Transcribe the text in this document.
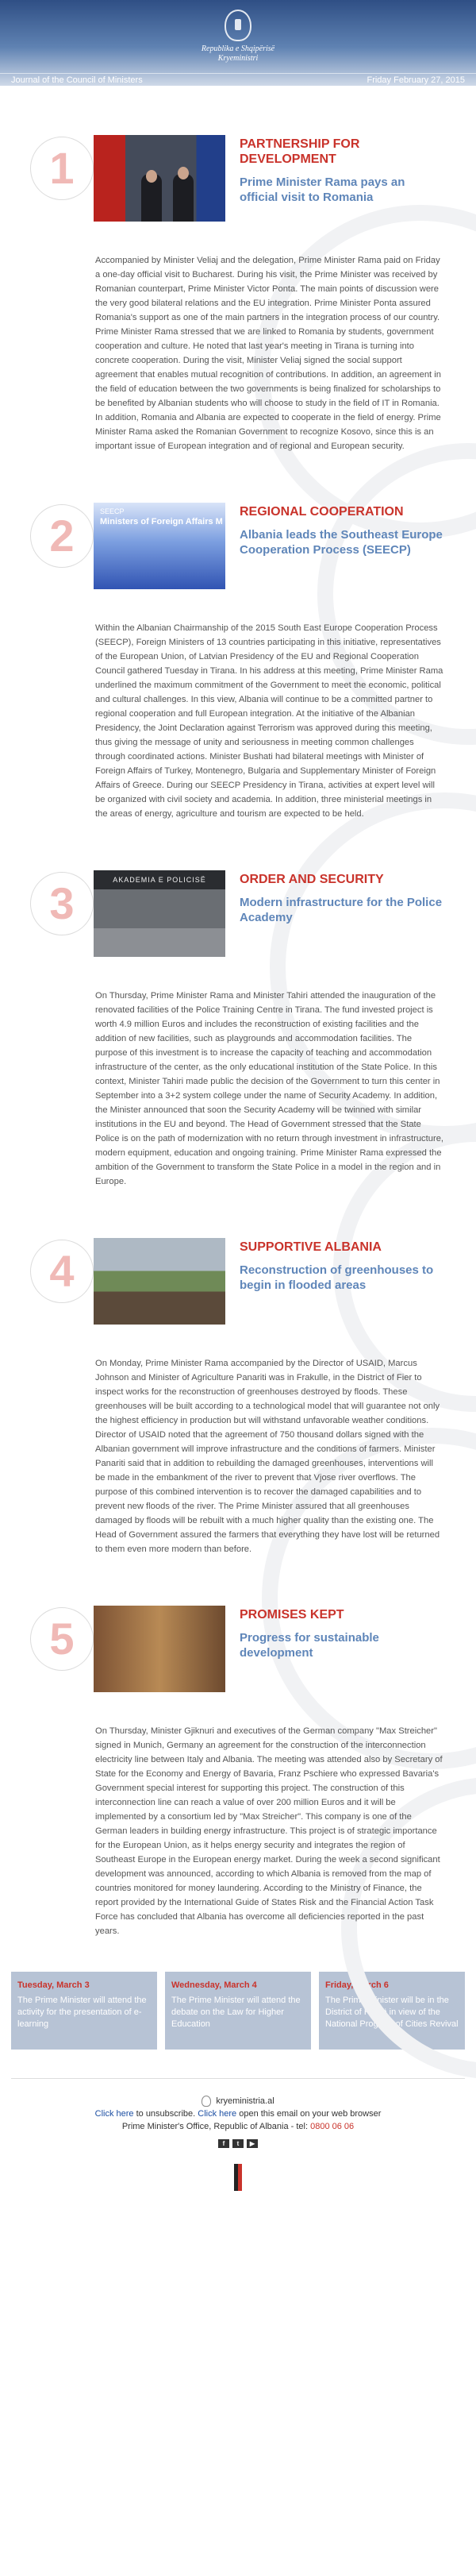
Republika e Shqipërisë
Kryeministri
Journal of the Council of Ministers	Friday February 27, 2015
1	PARTNERSHIP FOR DEVELOPMENT
Prime Minister Rama pays an official visit to Romania
Accompanied by Minister Veliaj and the delegation, Prime Minister Rama paid on Friday a one-day official visit to Bucharest. During his visit, the Prime Minister was received by Romanian counterpart, Prime Minister Victor Ponta. The main points of discussion were the very good bilateral relations and the EU integration. Prime Minister Ponta assured Romania's support as one of the main partners in the integration process of our country. Prime Minister Rama stressed that we are linked to Romania by students, government cooperation and culture. He noted that last year's meeting in Tirana is turning into concrete cooperation. During the visit, Minister Veliaj signed the social support agreement that enables mutual recognition of contributions. In addition, an agreement in the field of education between the two governments is being finalized for scholarships to be benefited by Albanian students who will choose to study in the field of IT in Romania. In addition, Romania and Albania are expected to cooperate in the field of energy. Prime Minister Rama asked the Romanian Government to recognize Kosovo, since this is an important issue of European integration and of regional and European security.
2	SEECP
Ministers of Foreign Affairs M
REGIONAL COOPERATION
Albania leads the Southeast Europe Cooperation Process (SEECP)
Within the Albanian Chairmanship of the 2015 South East Europe Cooperation Process (SEECP), Foreign Ministers of 13 countries participating in this initiative, representatives of the European Union, of Latvian Presidency of the EU and Regional Cooperation Council gathered Tuesday in Tirana. In his address at this meeting, Prime Minister Rama underlined the maximum commitment of the Government to meet the economic, political and cultural challenges. In this view, Albania will continue to be a committed partner to regional cooperation and full European integration. At the initiative of the Albanian Presidency, the Joint Declaration against Terrorism was approved during this meeting, thus giving the message of unity and seriousness in meeting common challenges through coordinated actions. Minister Bushati had bilateral meetings with Minister of Foreign Affairs of Turkey, Montenegro, Bulgaria and Supplementary Minister of Foreign Affairs of Greece. During our SEECP Presidency in Tirana, activities at expert level will be organized with civil society and academia. In addition, three ministerial meetings in the areas of energy, agriculture and tourism are expected to be held.
3	AKADEMIA E POLICISË	ORDER AND SECURITY
Modern infrastructure for the Police Academy
On Thursday, Prime Minister Rama and Minister Tahiri attended the inauguration of the renovated facilities of the Police Training Centre in Tirana. The fund invested project is worth 4.9 million Euros and includes the reconstruction of existing facilities and the addition of new facilities, such as playgrounds and accommodation facilities. The purpose of this investment is to increase the capacity of teaching and accommodation infrastructure of the center, as the only educational institution of the State Police. In this context, Minister Tahiri made public the decision of the Government to turn this center in September into a 3+2 system college under the name of Security Academy. In addition, the Minister announced that soon the Security Academy will be twinned with similar institutions in the EU and beyond. The Head of Government stressed that the State Police is on the path of modernization with no return through investment in infrastructure, modern equipment, education and ongoing training. Prime Minister Rama expressed the ambition of the Government to transform the State Police in a model in the region and in Europe.
4	SUPPORTIVE ALBANIA
Reconstruction of greenhouses to begin in flooded areas
On Monday, Prime Minister Rama accompanied by the Director of USAID, Marcus Johnson and Minister of Agriculture Panariti was in Frakulle, in the District of Fier to inspect works for the reconstruction of greenhouses destroyed by floods. These greenhouses will be built according to a technological model that will guarantee not only the highest efficiency in production but will withstand unfavorable weather conditions. Director of USAID noted that the agreement of 750 thousand dollars signed with the Albanian government will improve infrastructure and the conditions of farmers. Minister Panariti said that in addition to rebuilding the damaged greenhouses, interventions will be made in the embankment of the river to prevent that Vjose river overflows. The purpose of this combined intervention is to recover the damaged capabilities and to prevent new floods of the river. The Prime Minister assured that all greenhouses damaged by floods will be rebuilt with a much higher quality than the existing one. The Head of Government assured the farmers that everything they have lost will be returned to them even more modern than before.
5	PROMISES KEPT
Progress for sustainable development
On Thursday, Minister Gjiknuri and executives of the German company "Max Streicher" signed in Munich, Germany an agreement for the construction of the interconnection electricity line between Italy and Albania. The meeting was attended also by Secretary of State for the Economy and Energy of Bavaria, Franz Pschiere who expressed Bavaria's Government special interest for supporting this project. The construction of this interconnection line can reach a value of over 200 million Euros and it will be implemented by a consortium led by "Max Streicher". This company is one of the German leaders in building energy infrastructure. This project is of strategic importance for the European Union, as it helps energy security and integrates the region of Southeast Europe in the European energy market. During the week a second significant development was announced, according to which Albania is removed from the map of countries monitored for money laundering. According to the Ministry of Finance, the report provided by the International Guide of States Risk and the Financial Action Task Force has concluded that Albania has overcome all deficiencies reported in the past years.
Tuesday, March 3
The Prime Minister will attend the activity for the presentation of e-learning
Wednesday, March 4
The Prime Minister will attend the debate on the Law for Higher Education
Friday, March 6
The Prime Minister will be in the District of Korcë in view of the National Program of Cities Revival
kryeministria.al
Click here to unsubscribe. Click here open this email on your web browser
Prime Minister's Office, Republic of Albania - tel: 0800 06 06
f	t	▶
